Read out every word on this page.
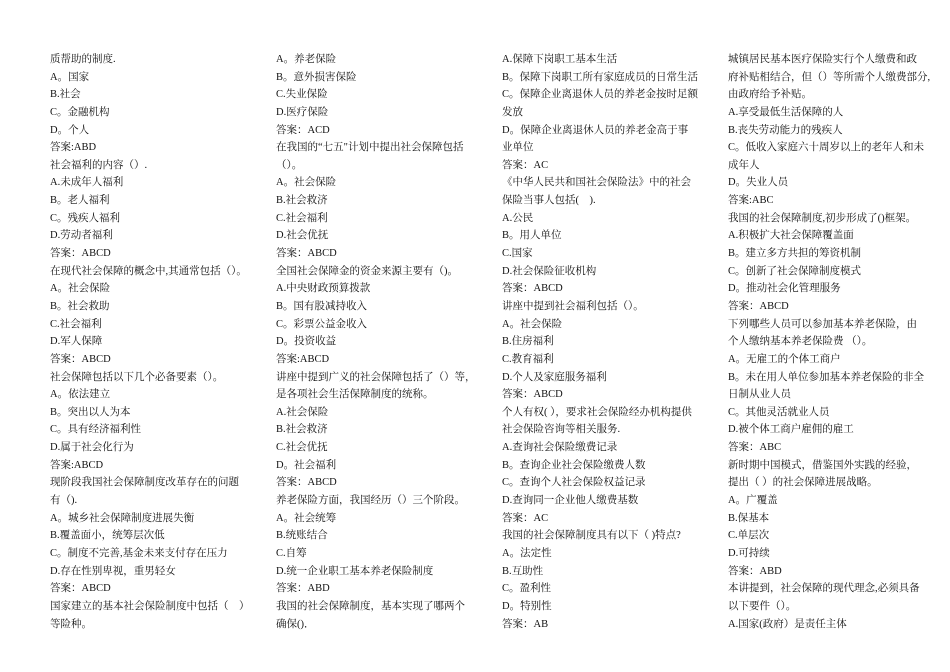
质帮助的制度.
A。国家
B.社会
C。金融机构
D。个人
答案:ABD
社会福利的内容（）.
A.未成年人福利
B。老人福利
C。残疾人福利
D.劳动者福利
答案：ABCD
在现代社会保障的概念中,其通常包括（）。
A。社会保险
B。社会救助
C.社会福利
D.军人保障
答案：ABCD
社会保障包括以下几个必备要素（）。
A。依法建立
B。突出以人为本
C。具有经济福利性
D.属于社会化行为
答案:ABCD
现阶段我国社会保障制度改革存在的问题
有（).
A。城乡社会保障制度进展失衡
B.覆盖面小，统筹层次低
C。制度不完善,基金未来支付存在压力
D.存在性别卑视，重男轻女
答案：ABCD
国家建立的基本社会保险制度中包括（    ）
等险种。
A。养老保险
B。意外损害保险
C.失业保险
D.医疗保险
答案：ACD
在我国的“七五"计划中提出社会保障包括
（）。
A。社会保险
B.社会救济
C.社会福利
D.社会优抚
答案：ABCD
全国社会保障金的资金来源主要有（)。
A.中央财政预算拨款
B。国有股减持收入
C。彩票公益金收入
D。投资收益
答案:ABCD
讲座中提到广义的社会保障包括了（）等，
是各项社会生活保障制度的统称。
A.社会保险
B.社会救济
C.社会优抚
D。社会福利
答案：ABCD
养老保险方面，我国经历（）三个阶段。
A。社会统筹
B.统账结合
C.自筹
D.统一企业职工基本养老保险制度
答案：ABD
我国的社会保障制度，基本实现了哪两个
确保()．
A.保障下岗职工基本生活
B。保障下岗职工所有家庭成员的日常生活
C。保障企业离退休人员的养老金按时足额
发放
D。保障企业离退休人员的养老金高于事
业单位
答案：AC
《中华人民共和国社会保险法》中的社会
保险当事人包括(    ).
A.公民
B。用人单位
C.国家
D.社会保险征收机构
答案：ABCD
讲座中提到社会福利包括（）。
A。社会保险
B.住房福利
C.教育福利
D.个人及家庭服务福利
答案：ABCD
个人有权( ），要求社会保险经办机构提供
社会保险咨询等相关服务.
A.查询社会保险缴费记录
B。查询企业社会保险缴费人数
C。查询个人社会保险权益记录
D.查询同一企业他人缴费基数
答案：AC
我国的社会保障制度具有以下（ )特点?
A。法定性
B.互助性
C。盈利性
D。特别性
答案：AB
城镇居民基本医疗保险实行个人缴费和政
府补贴相结合，但（）等所需个人缴费部分,
由政府给予补贴。
A.享受最低生活保障的人
B.丧失劳动能力的残疾人
C。低收入家庭六十周岁以上的老年人和未
成年人
D。失业人员
答案:ABC
我国的社会保障制度,初步形成了()框架。
A.积极扩大社会保障覆盖面
B。建立多方共担的筹资机制
C。创新了社会保障制度模式
D。推动社会化管理服务
答案：ABCD
下列哪些人员可以参加基本养老保险，由
个人缴纳基本养老保险费 （）。
A。无雇工的个体工商户
B。未在用人单位参加基本养老保险的非全
日制从业人员
C。其他灵活就业人员
D.被个体工商户雇佣的雇工
答案：ABC
新时期中国模式，借鉴国外实践的经验，
提出（ ）的社会保障进展战略。
A。广覆盖
B.保基本
C.单层次
D.可持续
答案：ABD
本讲提到，社会保障的现代理念,必须具备
以下要件（）。
A.国家(政府）是责任主体
